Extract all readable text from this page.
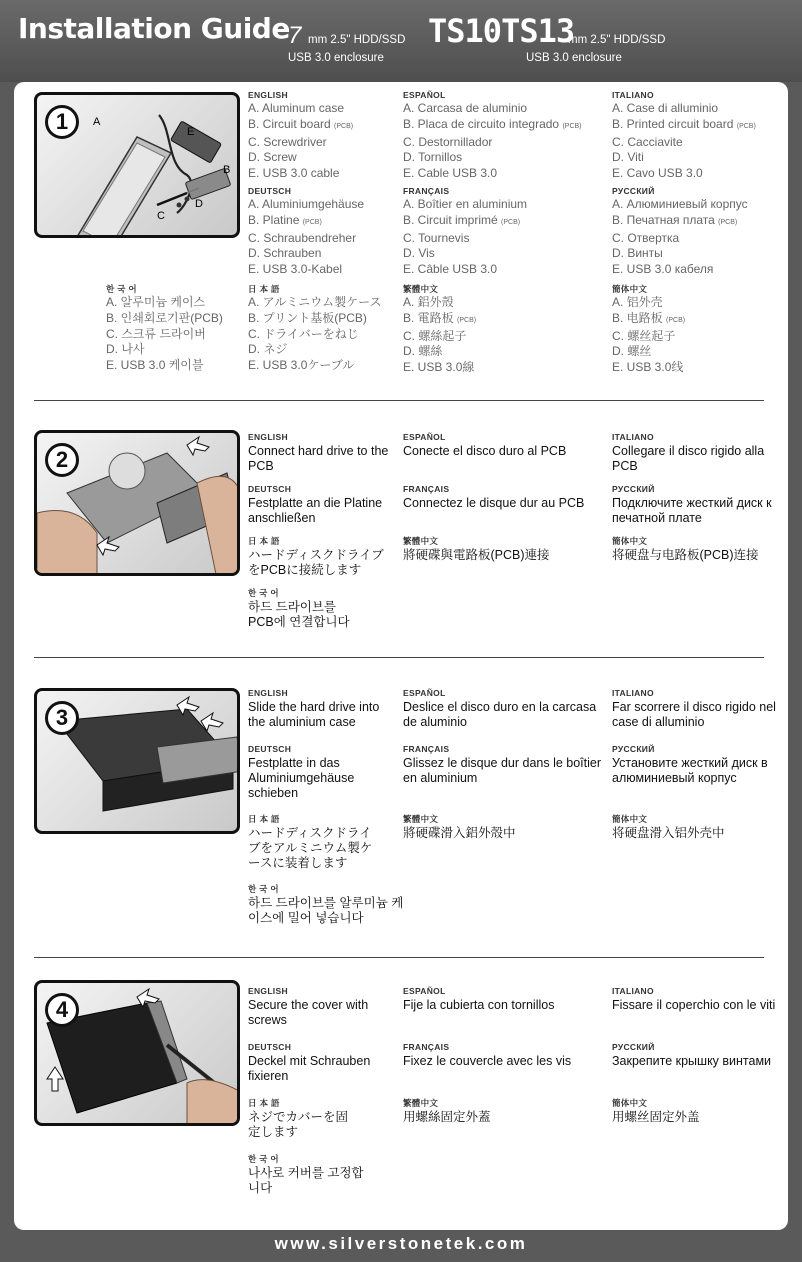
Installation Guide
7 mm 2.5" HDD/SSD
USB 3.0 enclosure
TS10TS13
mm 2.5" HDD/SSD
USB 3.0 enclosure
A
E
B
D
C
1
ENGLISH
A. Aluminum case
B. Circuit board (PCB)
C. Screwdriver
D. Screw
E. USB 3.0 cable
ESPAÑOL
A. Carcasa de aluminio
B. Placa de circuito integrado (PCB)
C. Destornillador
D. Tornillos
E. Cable USB 3.0
ITALIANO
A. Case di alluminio
B. Printed circuit board (PCB)
C. Cacciavite
D. Viti
E. Cavo USB 3.0
DEUTSCH
A. Aluminiumgehäuse
B. Platine (PCB)
C. Schraubendreher
D. Schrauben
E. USB 3.0-Kabel
FRANÇAIS
A. Boîtier en aluminium
B. Circuit imprimé (PCB)
C. Tournevis
D. Vis
E. Câble USB 3.0
РУССКИЙ
A. Алюминиевый корпус
B. Печатная плата (PCB)
C. Отвертка
D. Винты
E. USB 3.0 кабеля
한 국 어
A. 알루미늄 케이스
B. 인쇄회로기판(PCB)
C. 스크류 드라이버
D. 나사
E. USB 3.0 케이블
日 本 語
A. アルミニウム製ケース
B. プリント基板(PCB)
C. ドライバーをねじ
D. ネジ
E. USB 3.0ケーブル
繁體中文
A. 鋁外殼
B. 電路板 (PCB)
C. 螺絲起子
D. 螺絲
E. USB 3.0線
簡体中文
A. 铝外壳
B. 电路板 (PCB)
C. 螺丝起子
D. 螺丝
E. USB 3.0线
2
ENGLISH
Connect hard drive to the PCB
ESPAÑOL
Conecte el disco duro al PCB
ITALIANO
Collegare il disco rigido alla PCB
DEUTSCH
Festplatte an die Platine anschließen
FRANÇAIS
Connectez le disque dur au PCB
РУССКИЙ
Подключите жесткий диск к печатной плате
日 本 語
ハードディスクドライブをPCBに接続します
繁體中文
將硬碟與電路板(PCB)連接
簡体中文
将硬盘与电路板(PCB)连接
한 국 어
하드 드라이브를 PCB에 연결합니다
3
ENGLISH
Slide the hard drive into the aluminium case
ESPAÑOL
Deslice el disco duro en la carcasa de aluminio
ITALIANO
Far scorrere il disco rigido nel case di alluminio
DEUTSCH
Festplatte in das Aluminiumgehäuse schieben
FRANÇAIS
Glissez le disque dur dans le boîtier en aluminium
РУССКИЙ
Установите жесткий диск в алюминиевый корпус
日 本 語
ハードディスクドライブをアルミニウム製ケースに装着します
繁體中文
將硬碟滑入鋁外殼中
簡体中文
将硬盘滑入铝外壳中
한 국 어
하드 드라이브를 알루미늄 케이스에 밀어 넣습니다
4
ENGLISH
Secure the cover with screws
ESPAÑOL
Fije la cubierta con tornillos
ITALIANO
Fissare il coperchio con le viti
DEUTSCH
Deckel mit Schrauben fixieren
FRANÇAIS
Fixez le couvercle avec les vis
РУССКИЙ
Закрепите крышку винтами
日 本 語
ネジでカバーを固定します
繁體中文
用螺絲固定外蓋
簡体中文
用螺丝固定外盖
한 국 어
나사로 커버를 고정합니다
www.silverstonetek.com
